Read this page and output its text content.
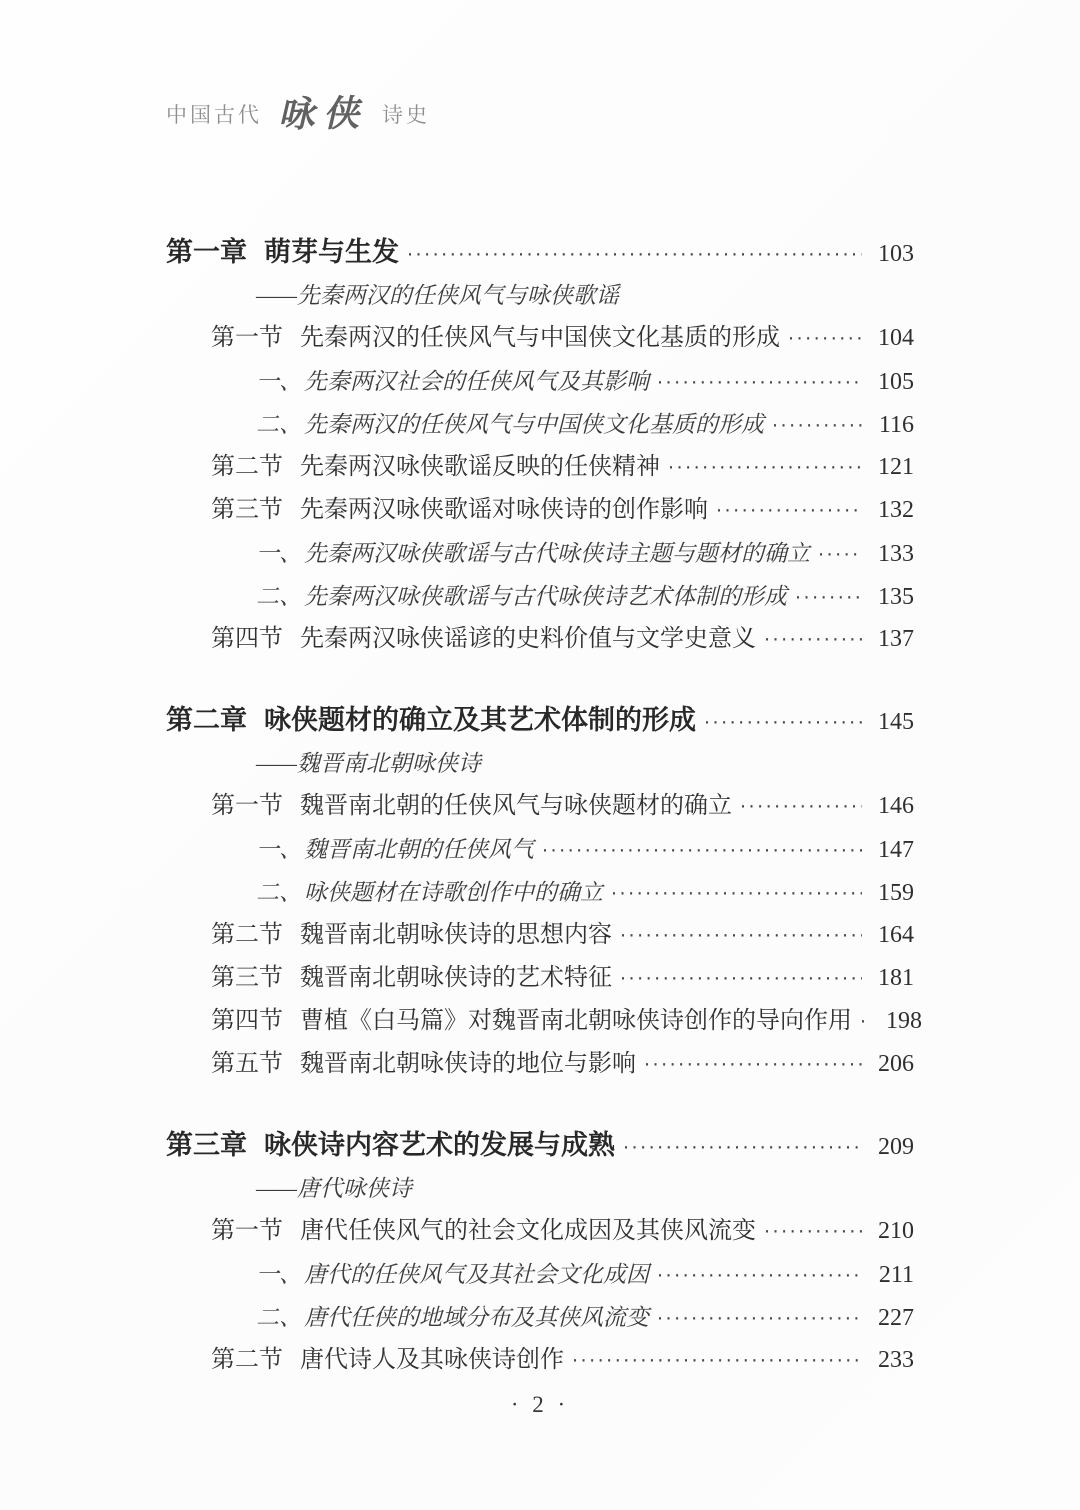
中国古代 咏侠 诗史
第一章 萌芽与生发 ·····	103
——先秦两汉的任侠风气与咏侠歌谣
第一节 先秦两汉的任侠风气与中国侠文化基质的形成 ·····	104
一、 先秦两汉社会的任侠风气及其影响 ·····	105
二、 先秦两汉的任侠风气与中国侠文化基质的形成 ·····	116
第二节 先秦两汉咏侠歌谣反映的任侠精神 ·····	121
第三节 先秦两汉咏侠歌谣对咏侠诗的创作影响 ·····	132
一、 先秦两汉咏侠歌谣与古代咏侠诗主题与题材的确立 ·····	133
二、 先秦两汉咏侠歌谣与古代咏侠诗艺术体制的形成 ·····	135
第四节 先秦两汉咏侠谣谚的史料价值与文学史意义 ·····	137
第二章 咏侠题材的确立及其艺术体制的形成 ·····	145
——魏晋南北朝咏侠诗
第一节 魏晋南北朝的任侠风气与咏侠题材的确立 ·····	146
一、 魏晋南北朝的任侠风气 ·····	147
二、 咏侠题材在诗歌创作中的确立 ·····	159
第二节 魏晋南北朝咏侠诗的思想内容 ·····	164
第三节 魏晋南北朝咏侠诗的艺术特征 ·····	181
第四节 曹植《白马篇》对魏晋南北朝咏侠诗创作的导向作用 ·····	198
第五节 魏晋南北朝咏侠诗的地位与影响 ·····	206
第三章 咏侠诗内容艺术的发展与成熟 ·····	209
——唐代咏侠诗
第一节 唐代任侠风气的社会文化成因及其侠风流变 ·····	210
一、 唐代的任侠风气及其社会文化成因 ·····	211
二、 唐代任侠的地域分布及其侠风流变 ·····	227
第二节 唐代诗人及其咏侠诗创作 ·····	233
· 2 ·
